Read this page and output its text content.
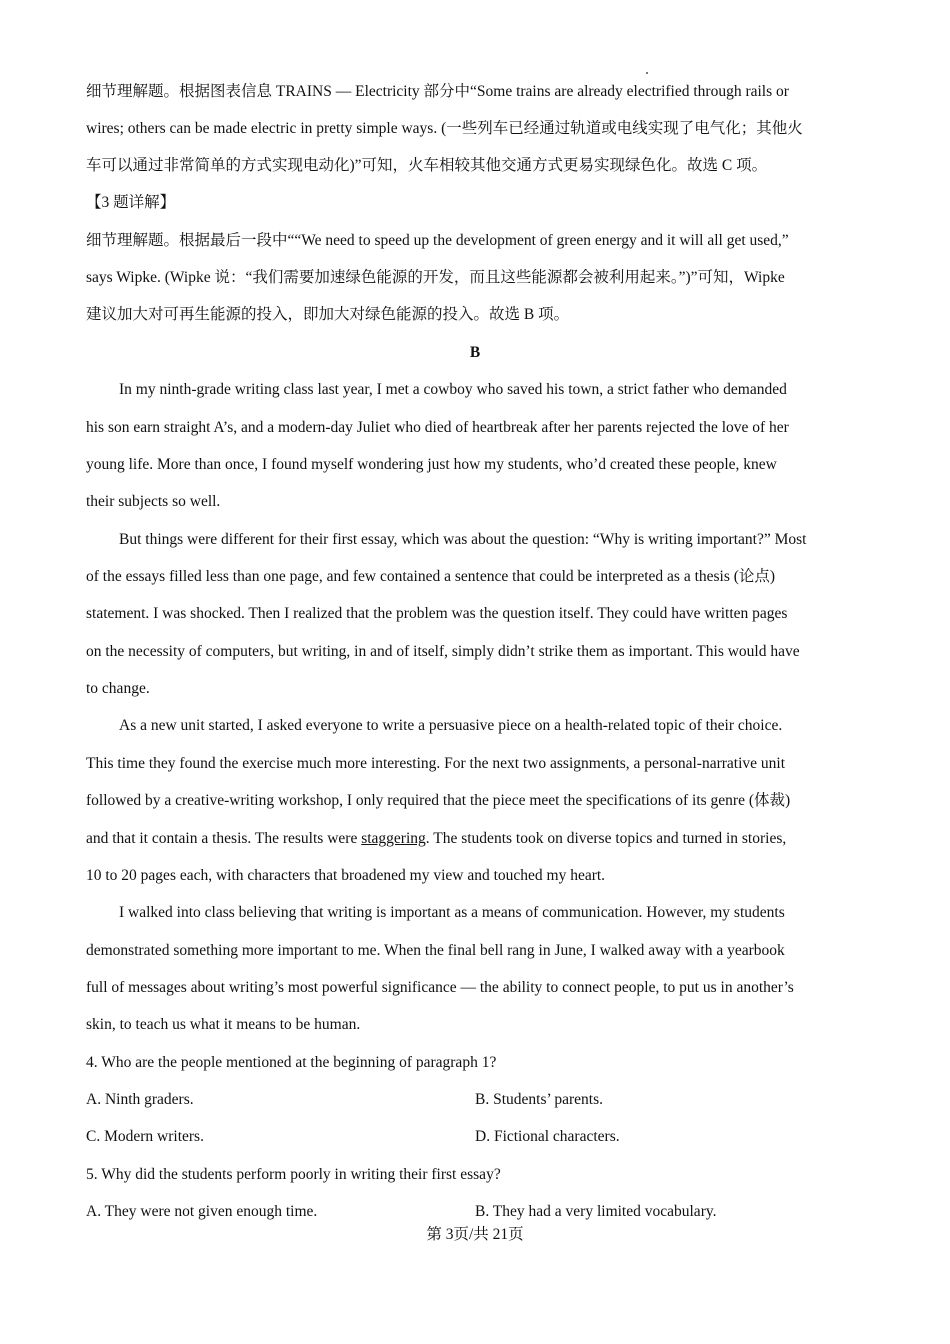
细节理解题。根据图表信息 TRAINS — Electricity 部分中“Some trains are already electrified through rails or
wires; others can be made electric in pretty simple ways. (一些列车已经通过轨道或电线实现了电气化；其他火
车可以通过非常简单的方式实现电动化)”可知，火车相较其他交通方式更易实现绿色化。故选 C 项。
【3 题详解】
细节理解题。根据最后一段中““We need to speed up the development of green energy and it will all get used,”
says Wipke. (Wipke 说：“我们需要加速绿色能源的开发，而且这些能源都会被利用起来。”)”可知，Wipke
建议加大对可再生能源的投入，即加大对绿色能源的投入。故选 B 项。
B
In my ninth-grade writing class last year, I met a cowboy who saved his town, a strict father who demanded
his son earn straight A’s, and a modern-day Juliet who died of heartbreak after her parents rejected the love of her
young life. More than once, I found myself wondering just how my students, who’d created these people, knew
their subjects so well.
But things were different for their first essay, which was about the question: “Why is writing important?” Most
of the essays filled less than one page, and few contained a sentence that could be interpreted as a thesis (论点)
statement. I was shocked. Then I realized that the problem was the question itself. They could have written pages
on the necessity of computers, but writing, in and of itself, simply didn’t strike them as important. This would have
to change.
As a new unit started, I asked everyone to write a persuasive piece on a health-related topic of their choice.
This time they found the exercise much more interesting. For the next two assignments, a personal-narrative unit
followed by a creative-writing workshop, I only required that the piece meet the specifications of its genre (体裁)
and that it contain a thesis. The results were staggering. The students took on diverse topics and turned in stories,
10 to 20 pages each, with characters that broadened my view and touched my heart.
I walked into class believing that writing is important as a means of communication. However, my students
demonstrated something more important to me. When the final bell rang in June, I walked away with a yearbook
full of messages about writing’s most powerful significance — the ability to connect people, to put us in another’s
skin, to teach us what it means to be human.
4. Who are the people mentioned at the beginning of paragraph 1?
A. Ninth graders.	B. Students’ parents.
C. Modern writers.	D. Fictional characters.
5. Why did the students perform poorly in writing their first essay?
A. They were not given enough time.	B. They had a very limited vocabulary.
第 3页/共 21页
